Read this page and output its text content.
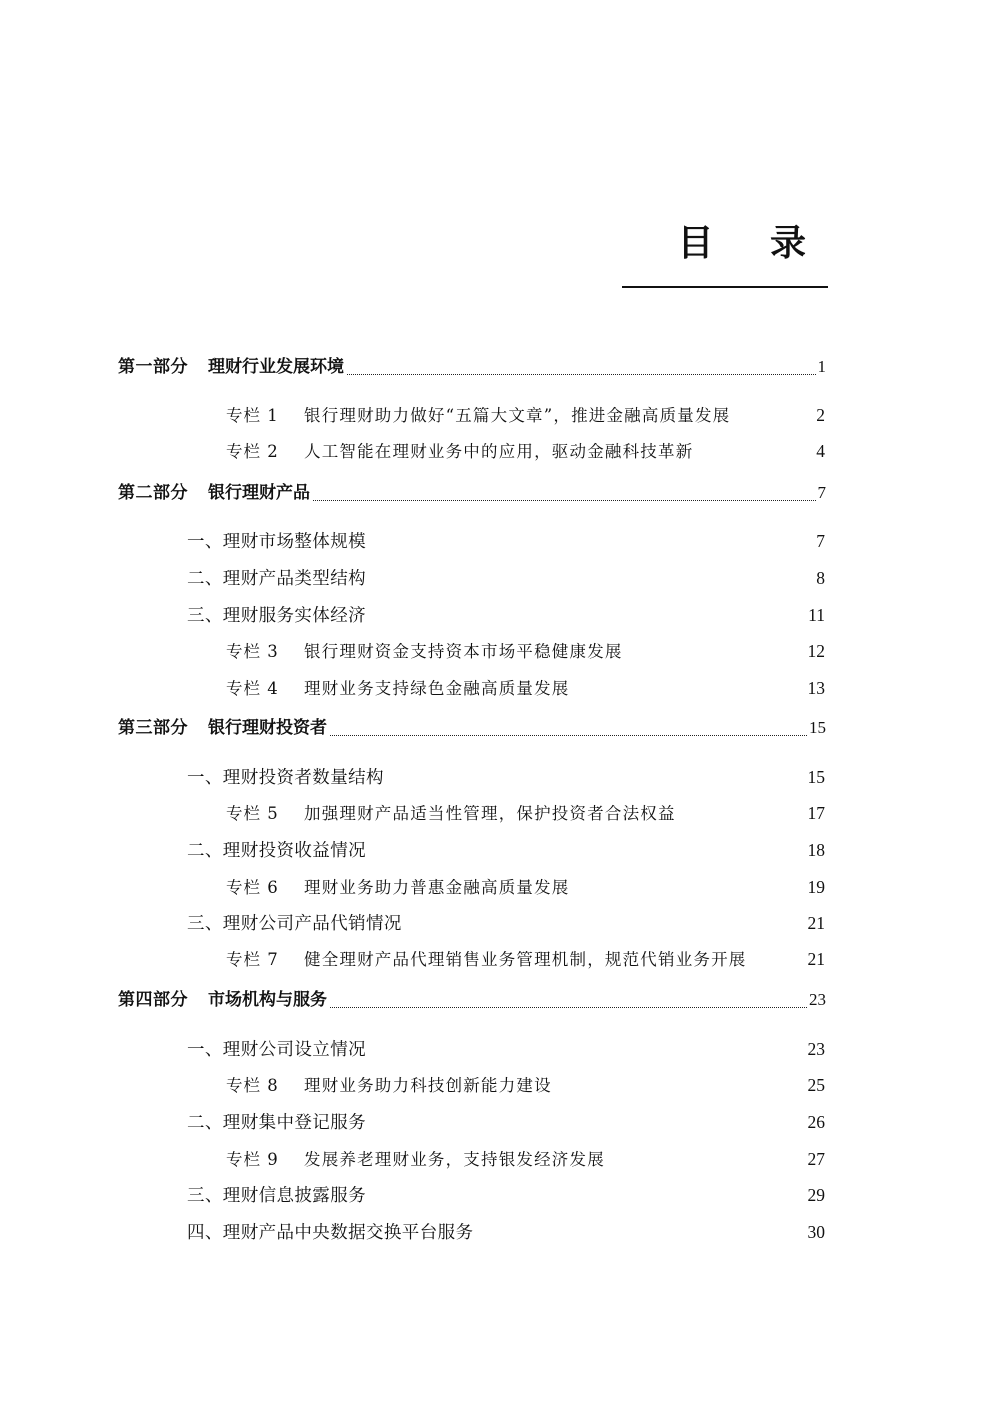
目 录
第一部分 理财行业发展环境	1
专栏 1	银行理财助力做好“五篇大文章”，推进金融高质量发展	2
专栏 2	人工智能在理财业务中的应用，驱动金融科技革新	4
第二部分 银行理财产品	7
一、理财市场整体规模	7
二、理财产品类型结构	8
三、理财服务实体经济	11
专栏 3	银行理财资金支持资本市场平稳健康发展	12
专栏 4	理财业务支持绿色金融高质量发展	13
第三部分 银行理财投资者	15
一、理财投资者数量结构	15
专栏 5	加强理财产品适当性管理，保护投资者合法权益	17
二、理财投资收益情况	18
专栏 6	理财业务助力普惠金融高质量发展	19
三、理财公司产品代销情况	21
专栏 7	健全理财产品代理销售业务管理机制，规范代销业务开展	21
第四部分 市场机构与服务	23
一、理财公司设立情况	23
专栏 8	理财业务助力科技创新能力建设	25
二、理财集中登记服务	26
专栏 9	发展养老理财业务，支持银发经济发展	27
三、理财信息披露服务	29
四、理财产品中央数据交换平台服务	30
